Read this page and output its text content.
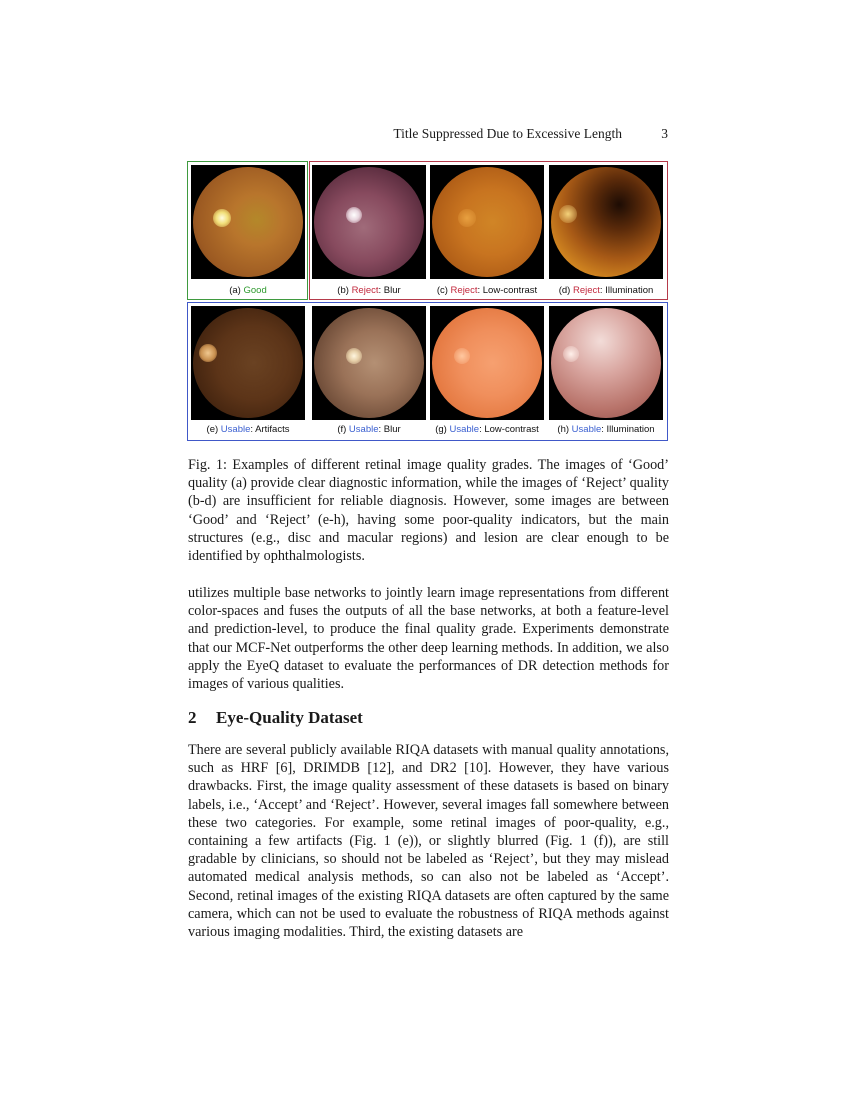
Title Suppressed Due to Excessive Length	3
(a) Good	(b) Reject: Blur	(c) Reject: Low-contrast	(d) Reject: Illumination
(e) Usable: Artifacts	(f) Usable: Blur	(g) Usable: Low-contrast	(h) Usable: Illumination

Fig. 1: Examples of different retinal image quality grades. The images of ‘Good’ quality (a) provide clear diagnostic information, while the images of ‘Reject’ quality (b-d) are insufficient for reliable diagnosis. However, some images are between ‘Good’ and ‘Reject’ (e-h), having some poor-quality indicators, but the main structures (e.g., disc and macular regions) and lesion are clear enough to be identified by ophthalmologists.

utilizes multiple base networks to jointly learn image representations from different color-spaces and fuses the outputs of all the base networks, at both a feature-level and prediction-level, to produce the final quality grade. Experiments demonstrate that our MCF-Net outperforms the other deep learning methods. In addition, we also apply the EyeQ dataset to evaluate the performances of DR detection methods for images of various qualities.

2 Eye-Quality Dataset

There are several publicly available RIQA datasets with manual quality annotations, such as HRF [6], DRIMDB [12], and DR2 [10]. However, they have various drawbacks. First, the image quality assessment of these datasets is based on binary labels, i.e., ‘Accept’ and ‘Reject’. However, several images fall somewhere between these two categories. For example, some retinal images of poor-quality, e.g., containing a few artifacts (Fig. 1 (e)), or slightly blurred (Fig. 1 (f)), are still gradable by clinicians, so should not be labeled as ‘Reject’, but they may mislead automated medical analysis methods, so can also not be labeled as ‘Accept’. Second, retinal images of the existing RIQA datasets are often captured by the same camera, which can not be used to evaluate the robustness of RIQA methods against various imaging modalities. Third, the existing datasets are
